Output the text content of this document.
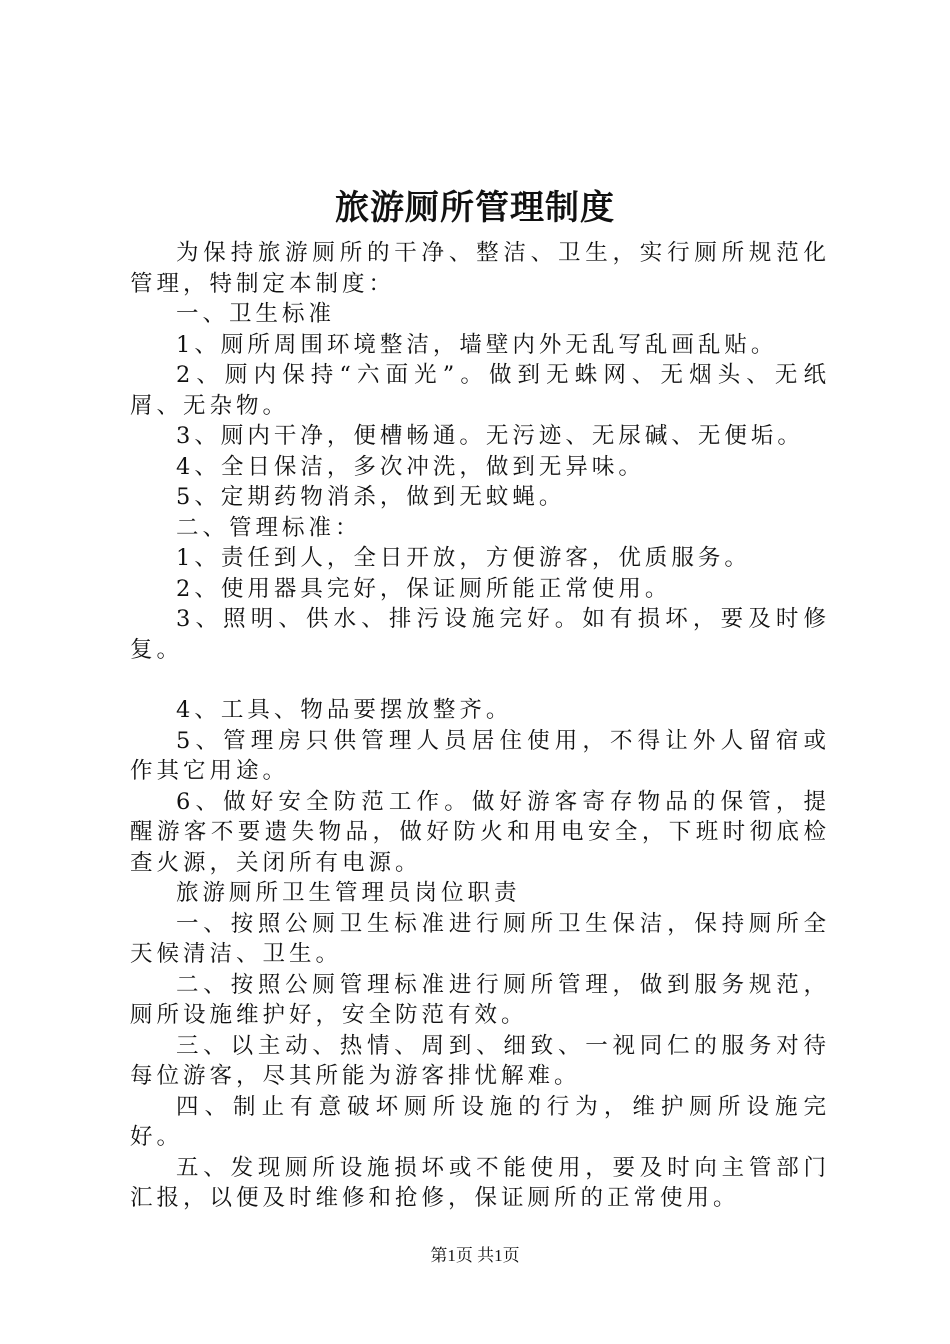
旅游厕所管理制度

为保持旅游厕所的干净、整洁、卫生，实行厕所规范化管理，特制定本制度：

一、卫生标准

1、厕所周围环境整洁，墙壁内外无乱写乱画乱贴。

2、厕内保持“六面光”。做到无蛛网、无烟头、无纸屑、无杂物。

3、厕内干净，便槽畅通。无污迹、无尿碱、无便垢。

4、全日保洁，多次冲洗，做到无异味。

5、定期药物消杀，做到无蚊蝇。

二、管理标准：

1、责任到人，全日开放，方便游客，优质服务。

2、使用器具完好，保证厕所能正常使用。

3、照明、供水、排污设施完好。如有损坏，要及时修复。

4、工具、物品要摆放整齐。

5、管理房只供管理人员居住使用，不得让外人留宿或作其它用途。

6、做好安全防范工作。做好游客寄存物品的保管，提醒游客不要遗失物品，做好防火和用电安全，下班时彻底检查火源，关闭所有电源。

旅游厕所卫生管理员岗位职责

一、按照公厕卫生标准进行厕所卫生保洁，保持厕所全天候清洁、卫生。

二、按照公厕管理标准进行厕所管理，做到服务规范，厕所设施维护好，安全防范有效。

三、以主动、热情、周到、细致、一视同仁的服务对待每位游客，尽其所能为游客排忧解难。

四、制止有意破坏厕所设施的行为，维护厕所设施完好。

五、发现厕所设施损坏或不能使用，要及时向主管部门汇报，以便及时维修和抢修，保证厕所的正常使用。

第1页 共1页
